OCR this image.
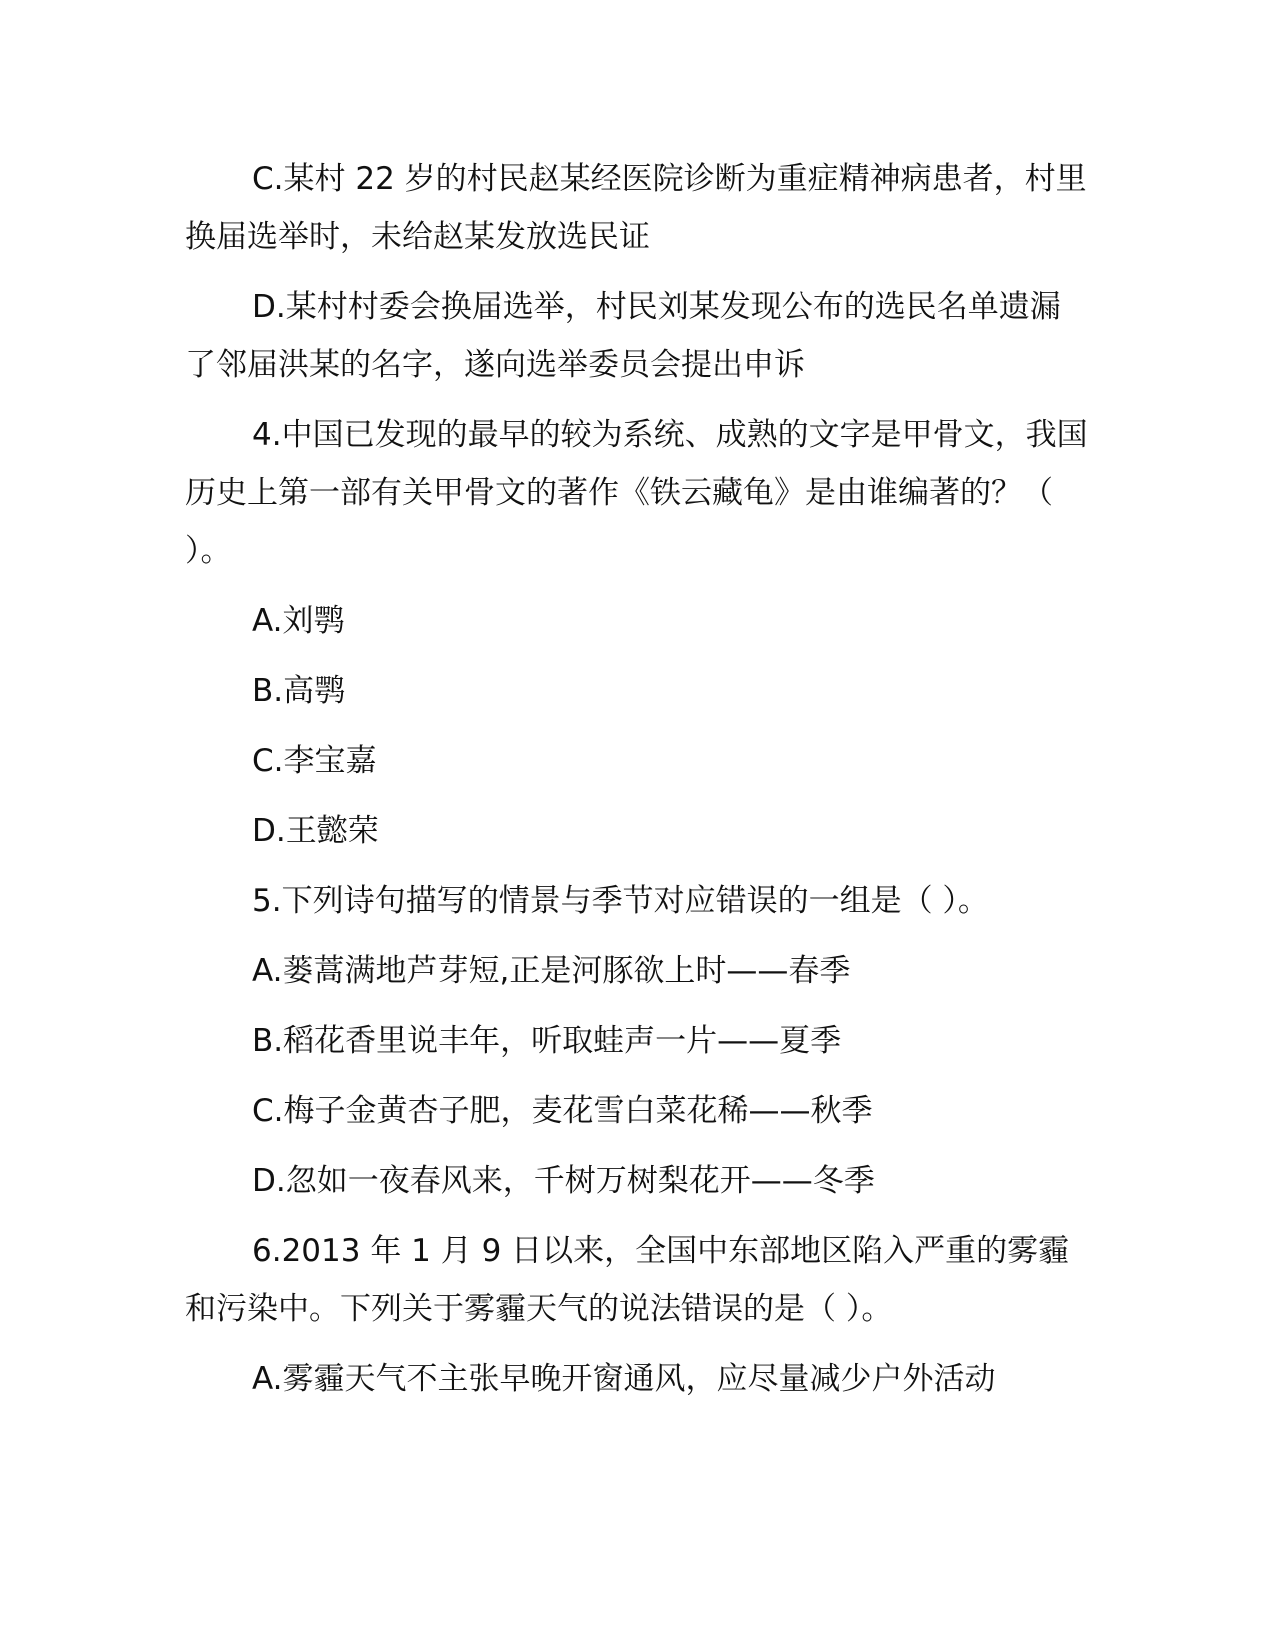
C.某村 22 岁的村民赵某经医院诊断为重症精神病患者，村里换届选举时，未给赵某发放选民证

D.某村村委会换届选举，村民刘某发现公布的选民名单遗漏了邻届洪某的名字，遂向选举委员会提出申诉

4.中国已发现的最早的较为系统、成熟的文字是甲骨文，我国历史上第一部有关甲骨文的著作《铁云藏龟》是由谁编著的？（ ）。

A.刘鹗

B.高鹗

C.李宝嘉

D.王懿荣

5.下列诗句描写的情景与季节对应错误的一组是（ ）。

A.蒌蒿满地芦芽短,正是河豚欲上时——春季

B.稻花香里说丰年，听取蛙声一片——夏季

C.梅子金黄杏子肥，麦花雪白菜花稀——秋季

D.忽如一夜春风来，千树万树梨花开——冬季

6.2013 年 1 月 9 日以来，全国中东部地区陷入严重的雾霾和污染中。下列关于雾霾天气的说法错误的是（ ）。

A.雾霾天气不主张早晚开窗通风，应尽量减少户外活动
